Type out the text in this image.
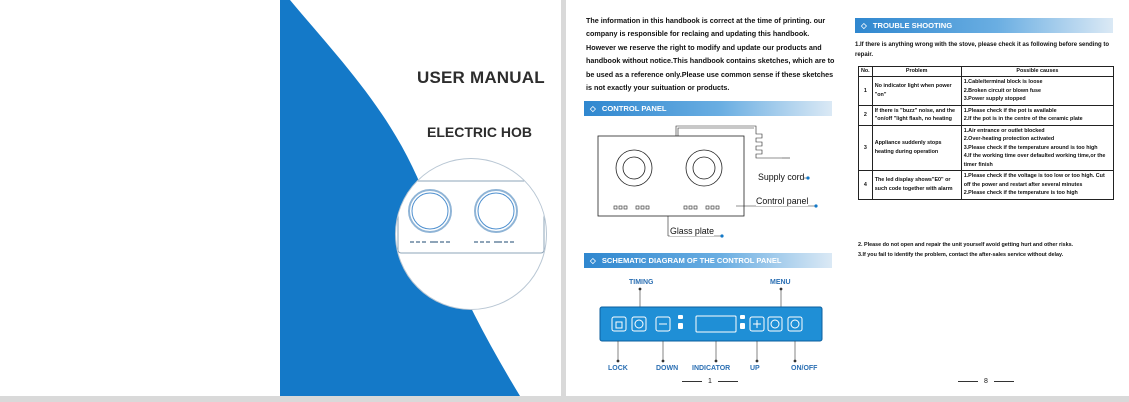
USER MANUAL
ELECTRIC HOB
The information in this handbook is correct at the time of printing. our company is responsible for reclaing and updating this handbook. However we reserve the right to modify and update our products and handbook without notice.This handbook contains sketches, which are to be used as a reference only.Please use common sense if these sketches is not exactly your suituation or products.
◇ CONTROL PANEL
Supply cord
Control panel
Glass plate
◇ SCHEMATIC DIAGRAM OF THE CONTROL PANEL
TIMING	MENU
LOCK	DOWN INDICATOR	UP	ON/OFF
1
◇ TROUBLE SHOOTING
1.If there is anything wrong with the stove, please check it as following before sending to repair.
No.	Problem	Possible causes
1	No indicator light when power "on"	1.Cable/terminal block is loose
2.Broken circuit or blown fuse
3.Power supply stopped

2	If there is "buzz" noise, and the "on/off "light flash, no heating	1.Please check if the pot is available
2.If the pot is in the centre of the ceramic plate

3	Appliance suddenly stops heating during operation	1.Air entrance or outlet blocked
2.Over-heating protection activated
3.Please check if the temperature around is too high
4.If the working time over defaulted working time,or the timer finish

4	The led display shows"E0" or such code together with alarm	1.Please check if the voltage is too low or too high. Cut off the power and restart after several minutes
2.Please check if the temperature is too high
2. Please do not open and repair the unit yourself avoid getting hurt and other risks.
3.If you fail to identify the problem, contact the after-sales service without delay.
8
